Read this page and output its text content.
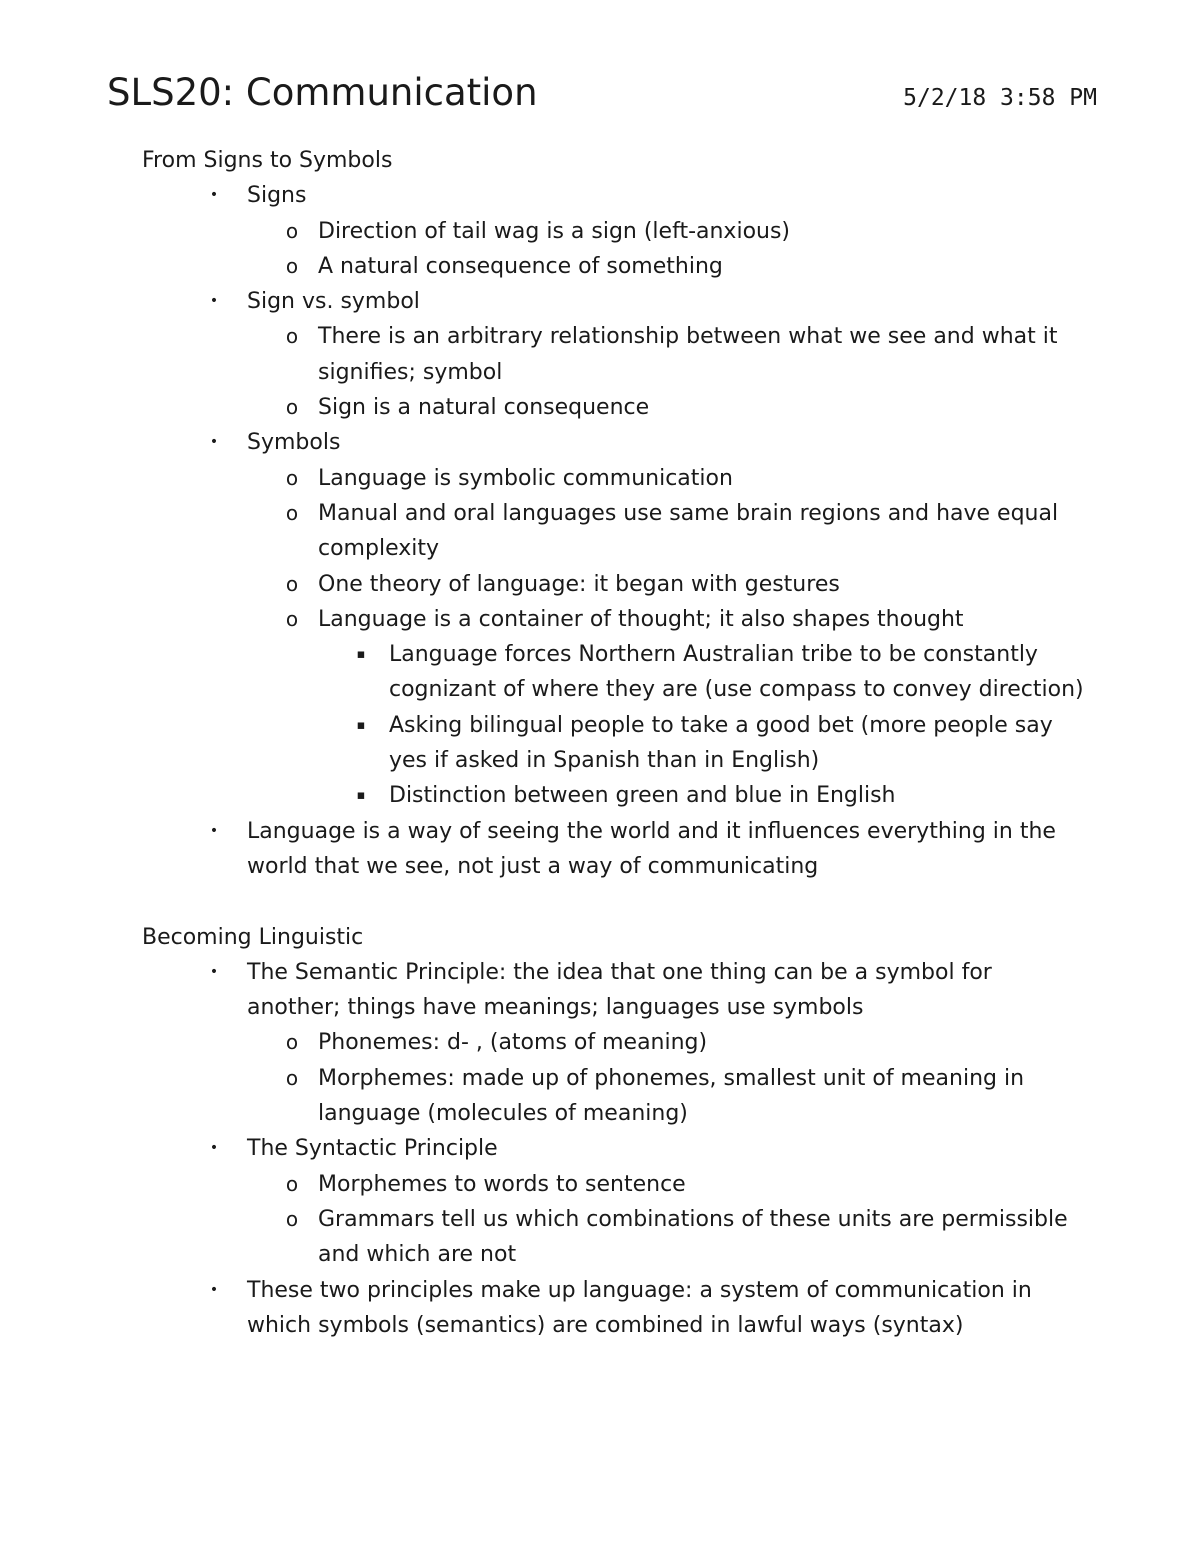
SLS20: Communication	5/2/18 3:58 PM
From Signs to Symbols
• Signs
o Direction of tail wag is a sign (left-anxious)
o A natural consequence of something
• Sign vs. symbol
o There is an arbitrary relationship between what we see and what it signifies; symbol
o Sign is a natural consequence
• Symbols
o Language is symbolic communication
o Manual and oral languages use same brain regions and have equal complexity
o One theory of language: it began with gestures
o Language is a container of thought; it also shapes thought
▪ Language forces Northern Australian tribe to be constantly cognizant of where they are (use compass to convey direction)
▪ Asking bilingual people to take a good bet (more people say yes if asked in Spanish than in English)
▪ Distinction between green and blue in English
• Language is a way of seeing the world and it influences everything in the world that we see, not just a way of communicating
Becoming Linguistic
• The Semantic Principle: the idea that one thing can be a symbol for another; things have meanings; languages use symbols
o Phonemes: d- , (atoms of meaning)
o Morphemes: made up of phonemes, smallest unit of meaning in language (molecules of meaning)
• The Syntactic Principle
o Morphemes to words to sentence
o Grammars tell us which combinations of these units are permissible and which are not
• These two principles make up language: a system of communication in which symbols (semantics) are combined in lawful ways (syntax)
